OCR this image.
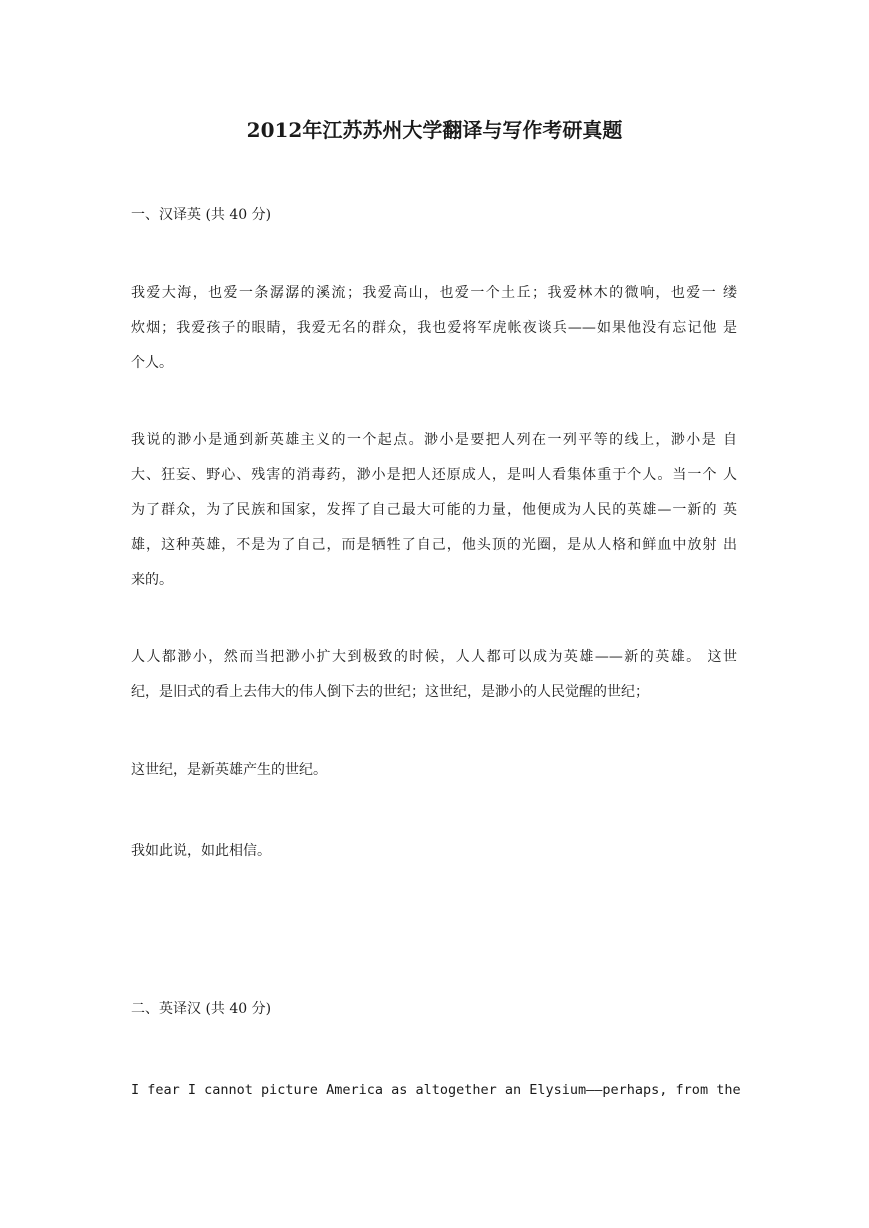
2012年江苏苏州大学翻译与写作考研真题
一、汉译英 (共 40 分)
我爱大海，也爱一条潺潺的溪流；我爱高山，也爱一个土丘；我爱林木的微响，也爱一 缕
炊烟；我爱孩子的眼睛，我爱无名的群众，我也爱将军虎帐夜谈兵——如果他没有忘记他 是
个人。
我说的渺小是通到新英雄主义的一个起点。渺小是要把人列在一列平等的线上，渺小是 自
大、狂妄、野心、残害的消毒药，渺小是把人还原成人，是叫人看集体重于个人。当一个 人
为了群众，为了民族和国家，发挥了自己最大可能的力量，他便成为人民的英雄—一新的 英
雄，这种英雄，不是为了自己，而是牺牲了自己，他头顶的光圈，是从人格和鲜血中放射 出
来的。
人人都渺小，然而当把渺小扩大到极致的时候，人人都可以成为英雄——新的英雄。 这世
纪，是旧式的看上去伟大的伟人倒下去的世纪；这世纪，是渺小的人民觉醒的世纪；
这世纪，是新英雄产生的世纪。
我如此说，如此相信。
二、英译汉 (共 40 分)
I fear I cannot picture America as altogether an Elysium——perhaps, from the
